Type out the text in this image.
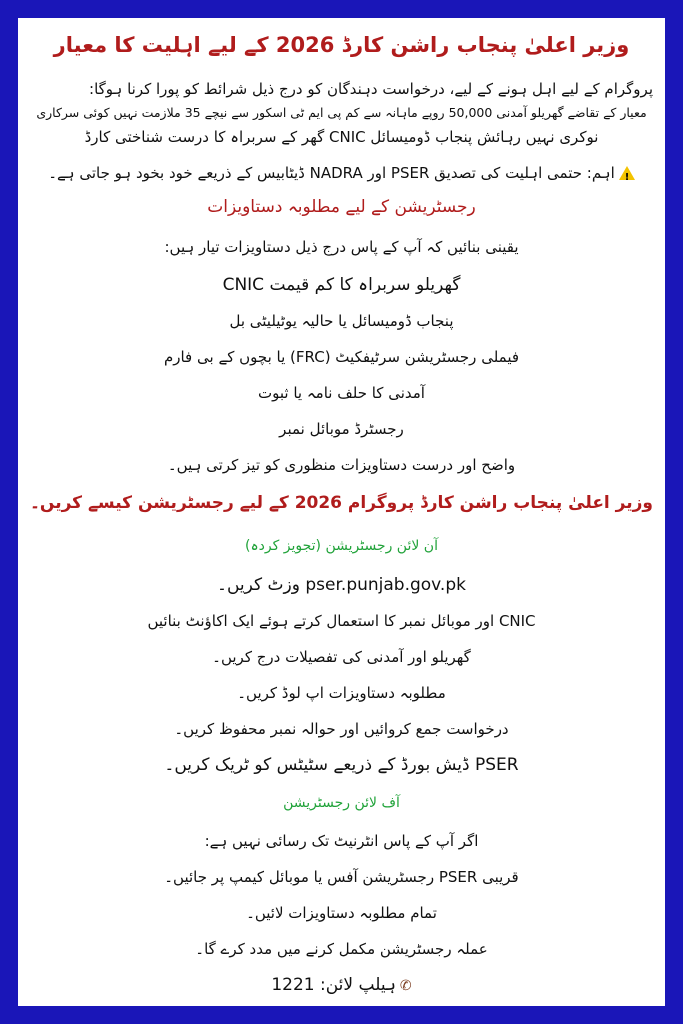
وزیر اعلیٰ پنجاب راشن کارڈ 2026 کے لیے اہلیت کا معیار
پروگرام کے لیے اہل ہونے کے لیے، درخواست دہندگان کو درج ذیل شرائط کو پورا کرنا ہوگا:
معیار کے تقاضے گھریلو آمدنی 50,000 روپے ماہانہ سے کم پی ایم ٹی اسکور سے نیچے 35 ملازمت نہیں کوئی سرکاری
نوکری نہیں رہائش پنجاب ڈومیسائل CNIC گھر کے سربراہ کا درست شناختی کارڈ
!اہم: حتمی اہلیت کی تصدیق PSER اور NADRA ڈیٹابیس کے ذریعے خود بخود ہو جاتی ہے۔
رجسٹریشن کے لیے مطلوبہ دستاویزات
یقینی بنائیں کہ آپ کے پاس درج ذیل دستاویزات تیار ہیں:
گھریلو سربراہ کا کم قیمت CNIC
پنجاب ڈومیسائل یا حالیہ یوٹیلیٹی بل
فیملی رجسٹریشن سرٹیفکیٹ (FRC) یا بچوں کے بی فارم
آمدنی کا حلف نامہ یا ثبوت
رجسٹرڈ موبائل نمبر
واضح اور درست دستاویزات منظوری کو تیز کرتی ہیں۔
وزیر اعلیٰ پنجاب راشن کارڈ پروگرام 2026 کے لیے رجسٹریشن کیسے کریں۔
آن لائن رجسٹریشن (تجویز کردہ)
pser.punjab.gov.pk وزٹ کریں۔
CNIC اور موبائل نمبر کا استعمال کرتے ہوئے ایک اکاؤنٹ بنائیں
گھریلو اور آمدنی کی تفصیلات درج کریں۔
مطلوبہ دستاویزات اپ لوڈ کریں۔
درخواست جمع کروائیں اور حوالہ نمبر محفوظ کریں۔
PSER ڈیش بورڈ کے ذریعے سٹیٹس کو ٹریک کریں۔
آف لائن رجسٹریشن
اگر آپ کے پاس انٹرنیٹ تک رسائی نہیں ہے:
قریبی PSER رجسٹریشن آفس یا موبائل کیمپ پر جائیں۔
تمام مطلوبہ دستاویزات لائیں۔
عملہ رجسٹریشن مکمل کرنے میں مدد کرے گا۔
✆ہیلپ لائن: 1221
